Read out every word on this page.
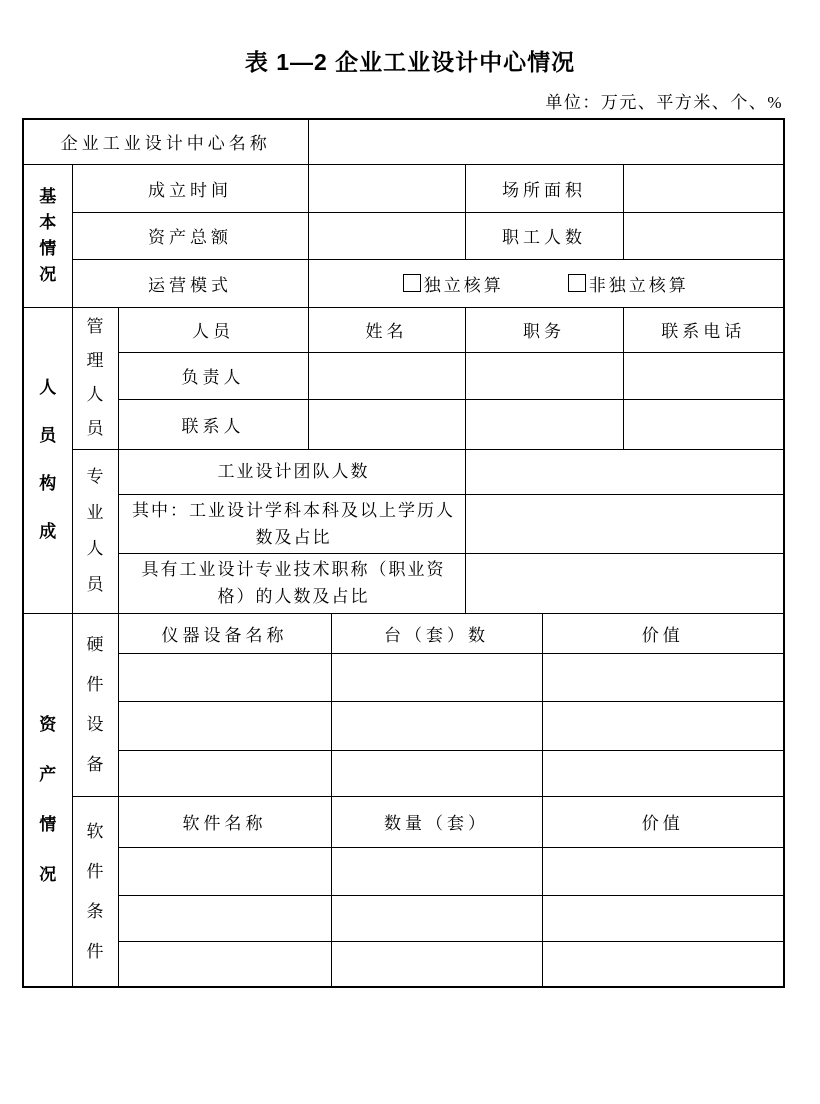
表 1—2 企业工业设计中心情况
单位：万元、平方米、个、%
企业工业设计中心名称							
基本情况	成立时间				场所面积		
	资产总额				职工人数		
	运营模式		独立核算 非独立核算				

人员构成	管理人员	人员	姓名		职务		联系电话
		负责人					
		联系人					
	专业人员	工业设计团队人数					
		其中：工业设计学科本科及以上学历人数及占比					
		具有工业设计专业技术职称（职业资格）的人数及占比					
资产情况	硬件设备	仪器设备名称		台（套）数		价值	

	软件条件	软件名称		数量（套）		价值	
